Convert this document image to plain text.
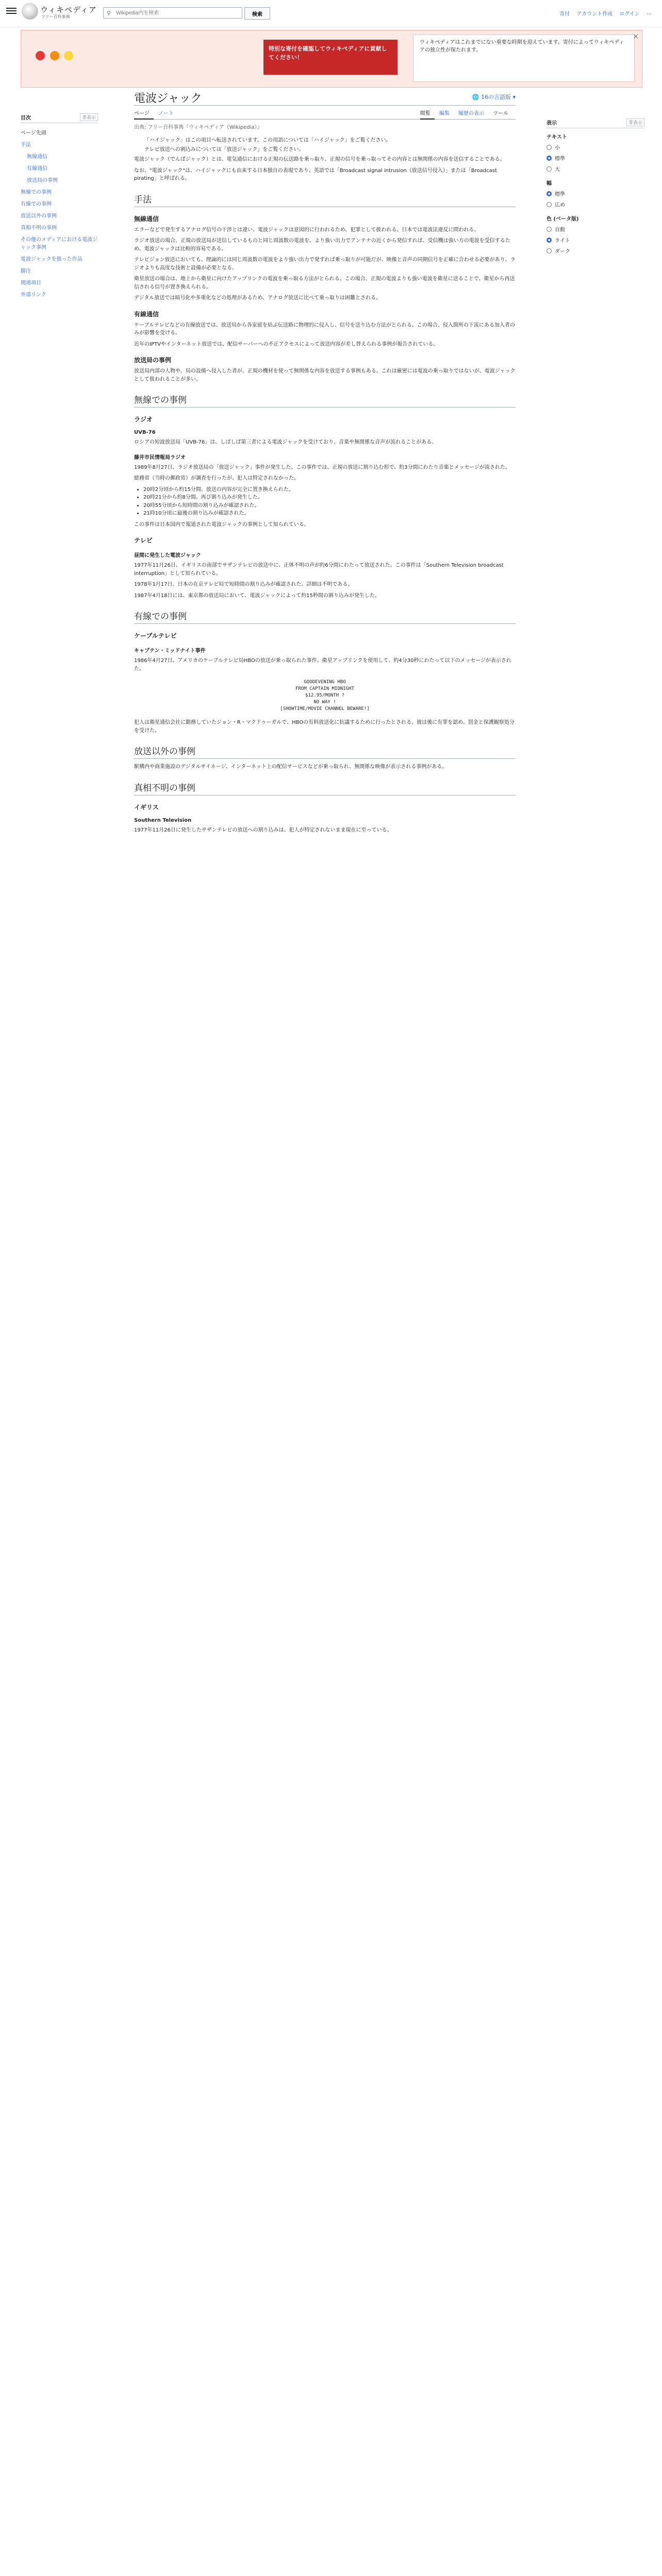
ウィキペディア
フリー百科事典
⚲
Wikipedia内を検索	検索	寄付 アカウント作成 ログイン ⋯

特別な寄付を確認してウィキペディアに貢献してください！
ウィキペディアはこれまでにない重要な時期を迎えています。寄付によってウィキペディアの独立性が保たれます。
×
目次	非表示
ページ先頭
手法
無線通信
有線通信
放送局の事例
無線での事例
有線での事例
放送以外の事例
真相不明の事例
その他のメディアにおける電波ジャック事例
電波ジャックを扱った作品
脚注
関連項目
外部リンク
電波ジャック	🌐 16の言語版 ▾
ページ ノート	閲覧 編集 履歴の表示 ツール
出典: フリー百科事典『ウィキペディア（Wikipedia）』
「ハイジャック」はこの項目へ転送されています。この用語については「ハイジャック」をご覧ください。
テレビ放送への割込みについては「放送ジャック」をご覧ください。

電波ジャック（でんぱジャック）とは、電気通信における正規の伝送路を乗っ取り、正規の信号を乗っ取ってその内容とは無関係の内容を送信することである。

なお、"電波ジャック"は、ハイジャックにも由来する日本独自の表現であり、英語では「Broadcast signal intrusion（放送信号侵入）」または「Broadcast pirating」と呼ばれる。

手法
無線通信

エラーなどで発生するアナログ信号の干渉とは違い、電波ジャックは意図的に行われるため、犯罪として扱われる。日本では電波法違反に問われる。

ラジオ放送の場合、正規の放送局が送信しているものと同じ周波数の電波を、より強い出力でアンテナの近くから発信すれば、受信機は強い方の電波を受信するため、電波ジャックは比較的容易である。

テレビジョン放送においても、理論的には同じ周波数の電波をより強い出力で発すれば乗っ取りが可能だが、映像と音声の同期信号を正確に合わせる必要があり、ラジオよりも高度な技術と設備が必要となる。

衛星放送の場合は、地上から衛星に向けたアップリンクの電波を乗っ取る方法がとられる。この場合、正規の電波よりも強い電波を衛星に送ることで、衛星から再送信される信号が置き換えられる。

デジタル放送では暗号化や多重化などの処理があるため、アナログ放送に比べて乗っ取りは困難とされる。

有線通信

ケーブルテレビなどの有線放送では、放送局から各家庭を結ぶ伝送路に物理的に侵入し、信号を送り込む方法がとられる。この場合、侵入箇所の下流にある加入者のみが影響を受ける。

近年のIPTVやインターネット放送では、配信サーバーへの不正アクセスによって放送内容が差し替えられる事例が報告されている。

放送局の事例

放送局内部の人物や、局の設備へ侵入した者が、正規の機材を使って無関係な内容を放送する事例もある。これは厳密には電波の乗っ取りではないが、電波ジャックとして扱われることが多い。

無線での事例
ラジオ
UVB-76

ロシアの短波放送局「UVB-76」は、しばしば第三者による電波ジャックを受けており、音楽や無関係な音声が流れることがある。

藤井市民情報局ラジオ

1989年8月27日、ラジオ放送局の「放送ジャック」事件が発生した。この事件では、正規の放送に割り込む形で、約3分間にわたり音楽とメッセージが流された。

総務省（当時の郵政省）が調査を行ったが、犯人は特定されなかった。

• 20時2分頃から約15分間、放送の内容が完全に置き換えられた。
• 20時21分から約8分間、再び割り込みが発生した。
• 20時55分頃から短時間の割り込みが確認された。
• 21時10分頃に最後の割り込みが確認された。

この事件は日本国内で報道された電波ジャックの事例として知られている。

テレビ
昼間に発生した電波ジャック

1977年11月26日、イギリスの南部でサザンテレビの放送中に、正体不明の声が約6分間にわたって放送された。この事件は「Southern Television broadcast interruption」として知られている。

1978年1月17日、日本の在京テレビ局で短時間の割り込みが確認された。詳細は不明である。

1987年4月18日には、東京都の放送局において、電波ジャックによって約15秒間の割り込みが発生した。

有線での事例
ケーブルテレビ
キャプテン・ミッドナイト事件

1986年4月27日、アメリカのケーブルテレビ局HBOの放送が乗っ取られた事件。衛星アップリンクを使用して、約4分30秒にわたって以下のメッセージが表示された。

GOODEVENING HBO
FROM CAPTAIN MIDNIGHT
$12.95/MONTH ?
NO WAY !
[SHOWTIME/MOVIE CHANNEL BEWARE!]

犯人は衛星通信会社に勤務していたジョン・R・マクドゥーガルで、HBOの有料放送化に抗議するために行ったとされる。彼は後に有罪を認め、罰金と保護観察処分を受けた。

放送以外の事例

駅構内や商業施設のデジタルサイネージ、インターネット上の配信サービスなどが乗っ取られ、無関係な映像が表示される事例がある。

真相不明の事例
イギリス
Southern Television

1977年11月26日に発生したサザンテレビの放送への割り込みは、犯人が特定されないまま現在に至っている。

表示	非表示
テキスト
小
標準
大
幅
標準
広め
色 (ベータ版)
自動
ライト
ダーク
